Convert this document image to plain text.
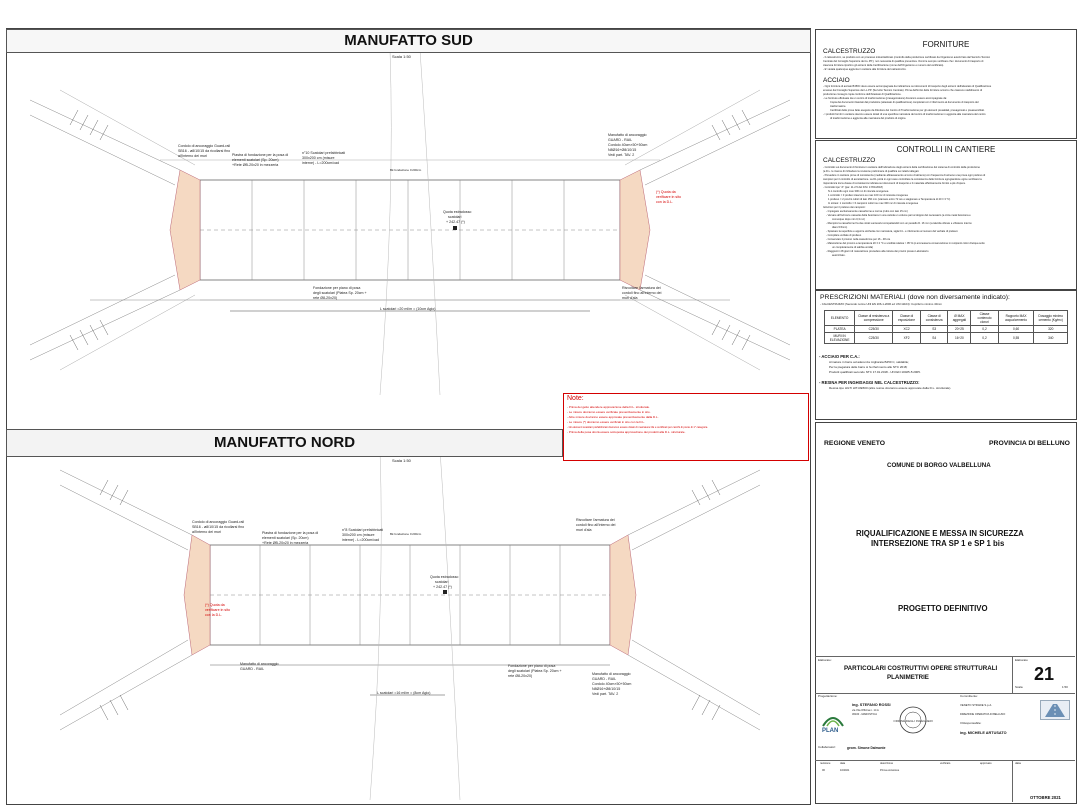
MANUFATTO SUD
Scala 1:50
Cordolo di ancoraggio Guard-rail
SB16 - ø8/10/15 da ricollarsi fino
all'interno dei muri	Piastra di fondazione per la posa di
elementi scatolari (Sp. 20cm)
+Rete ØB-20x20 in mezzeria
n°10 Scatolari prefabbricati
300x200 cm (misure
interne) - L=200cm/cad
Manufatto di ancoraggio
GUARD - RAIL
Cordolo 40cm×50+50cm
N8Ø16+Ø8/10/15
Vedi part. TAV. 2
Quota estradosso
scatolari
+ 242.47 (*)
Fondazione per piano di posa
degli scatolari (Platea Sp. 20cm +
rete Ø8-20x20)
Risvoltare l'armatura dei
cordoli fino all'interno dei
muri d'ala
(*) Quota da
verificare in sito
con la D.L.
L scatolari =20 ml/m = (10cm Agio)
Bk fondazione l=200cm
Note:
- Prima dei getto attendere approvazione della D.L. strutturale.
- Le misure dovranno essere verificate preventivamente in sito.
- Altre misure dovranno essere approvate preventivamente dalla D.L.
- Le misure (*) dovranno essere verificati in sito con la D.L.
- Gli elementi scatolari prefabbricati dovranno essere dotati di marcatura CE e certificati per carichi di ponte di 1° categoria
- Prima della posa dovrà essere sottoposta approvazione dei prodotti alla D.L. strutturale.
MANUFATTO NORD
Scala 1:50
Cordolo di ancoraggio Guard-rail
SB16 - ø8/10/15 da ricollarsi fino
all'interno dei muri	Piastra di fondazione per la posa di
elementi scatolari (Sp. 20cm)
+Rete ØB-20x20 in mezzeria
n°8 Scatolari prefabbricati
300x200 cm (misure
interne) - L=200cm/cad
Risvoltare l'armatura dei
cordoli fino all'interno dei
muri d'ala
Quota estradosso
scatolari
+ 242.47 (*)
Manufatto di ancoraggio
GUARD - RAIL
Fondazione per piano di posa
degli scatolari (Platea Sp. 20cm +
rete Ø8-20x20)	Manufatto di ancoraggio
GUARD - RAIL
Cordolo 40cm×50+50cm
N8Ø16+Ø8/10/15
Vedi part. TAV. 2
(*) Quota da
verificare in sito
con la D.L.
L scatolari =16 ml/m = (8cm Agio)
Bk fondazione l=200cm
FORNITURE
CALCESTRUZZO
- Il calcestruzzo, se prodotto con un processo industrializzato (controllo della produzione certificato da Organismo autorizzato dal Servizio Tecnico
Centrale del Consiglio Superiore dei LL.PP.), non necessita di qualifica preventiva. Occorre sempre verificare che i documenti di trasporto di
ciascuna fornitura riportino gli estremi della Certificazione (nome dell'Organismo e numero del certificato).
- E' vietata qualunque aggiunta in cantiere alla fornitura del calcestruzzo.
ACCIAIO
- Ogni fornitura di acciaio B450C deve essere accompagnata da indicazione sui documenti di trasporto degli estremi dell'attestato di Qualificazione
emesso dal Consiglio Superiore dei LL.PP. (Servizio Tecnico Centrale). Prima dell'inizio delle forniture occorre che ciascuno stabilimento di
produzione consegni copia conforme dell'Attestato di Qualificazione.
- Le forniture effettuate da un centro di trasformazione (presagomatura) dovranno essere accompagnate da:
Copia dei documenti rilasciati dal produttore (attestato di qualificazione) completati con il riferimento al documento di trasporto del
trasformatore.
Certificati delle prove fatte eseguire da Direttore del Centro di Trasformazione per gli elementi presaldati, presagomati e preassemblati.
- I prodotti forniti in cantiere devono essere dotati di una specifica marcatura del centro di trasformazione in aggiunta alla marcatura del centro
di trasformazione e aggiunta alla marcatura del prodotto di origine.
CONTROLLI IN CANTIERE
CALCESTRUZZO
- Controllo sui documenti di fornitura in cantiere dell'indicazione degli estremi della certificazione del sistema di controllo della produzione
(a D.L. le riserve di richiedere la revisione preliminare di qualifica sui relativi allegati.
- Prevedere in cantiere prove di consistenza (mediante abbassamento al cono di abrams) con frequenza di almeno una prova ogni prelievo di
campioni per il controllo di accettazione. La DL potrà in ogni caso controllare la consistenza delle forniture sgrugiandone ogine verificare la
rispondenza tra la classe di consistenza indicata sui documenti di trasporto e il materiale effettivamente fornito a piè d'opera.
- Controllo tipo "A" (par. 11.2.5 del D.M. 17/01/2018)
N.1 controllo ogni max 300 mc di miscela omogenea
1 controllo = 3 prelievi ciascuno su max 100 mc di miscela omogenea
1 prelievo = 2 provini cubici di lato 150 mm (stamare entro 72 ore e stagionare a Temperatura di 20 ± 3 °C)
In sintesi: 1 controllo = 6 campioni cubici su max 300 mc di miscela omogenea
Istruzioni per il prelievo dei campioni:
- Impiegare esclusivamente casseforme a norma (cubo con lato 15 cm)
- Versare all'incirca le cassette della betoniera in una cariola un volume pari al doppio del necessario (a circa metà betoniera e
comunque dopo min 0,3 mc)
- Riempire la casseforme fra due strati successivi compattandoli con un pestello D. 16 mm (a talvolta vibrare e vibratore interno
diam<15mm)
- Spianare la superficie e apporre etichetta con marcatura, sigla D.L. e riferimento al numero del verbale di prelievo
- Compilare verbale di prelievo
- Conservare il provino nella casseforme per 16 - 48 ore
- Maturazione del provino a temperatura 20 ± 2 °C e umidità relativa > 95 % (è ammessa la conservazione in recipienti colmi d'acqua sotto
un completamente di sabbia umida)
- Raggiunti i 28 giorni di maturazione procedere alla rottura dei provini presso Laboratorio
autorizzato.
PRESCRIZIONI MATERIALI (dove non diversamente indicato):
- CALCESTRUZZO (Secondo norme UNI EN 206-1-2006 ed UNI 11104): Copriferro minimo 40mm
ELEMENTO	Classe di resistenza a compressione	Classe di esposizione	Classe di consistenza	Ø MAX aggregati	Classe contenuto cloruri	Rapporto MAX acqua/cemento	Dosaggio minimo cemento (Kg/mc)
PLATEA	C25/30	XC2	S3	20÷25	0,2	0,60	320
MURI IN ELEVAZIONE	C25/30	XF2	S4	16÷20	0,2	0,55	340
- ACCIAIO PER C.A.:
Armature in barre ad aderenza migliorata B450 C, saldabile;
Per la piegatura delle barre si fa riferimento alle NTC 2018;
Prodotti qualificati secondo NTC 17.01.2018 - UNI EN 10025-5:2005.
- RESINA PER INGHISAGGI NEL CALCESTRUZZO:
Resina tipo HILTI HIT-RE500 (altre resine dovranno essere approvate dalla D.L. strutturale).
REGIONE VENETO	PROVINCIA DI BELLUNO
COMUNE DI BORGO VALBELLUNA
RIQUALIFICAZIONE E MESSA IN SICUREZZA
INTERSEZIONE TRA SP 1 e SP 1 bis
PROGETTO DEFINITIVO
Elaborato:
PARTICOLARI COSTRUTTIVI OPERE STRUTTURALI
PLANIMETRIE
Elaborato
21
Scala	1:50
Progettazione:
PLAN
ing. STEFANO ROSSI
via Vita Officina n. 14 A
36100 - MAROSTICA
ORDINE DEGLI INGEGNERI
Committente:
VENETO STRADE S.p.A.
DIREZIONE OPERATIVA DI BELLUNO
Il Responsabile:
ing. MICHELE ARTUSATO
Collaboratori:	geom. Simone Dalmonte
revisione	data	descrizione	verificato	approvato
00	10/2021	Prima emissione
data
OTTOBRE 2021
